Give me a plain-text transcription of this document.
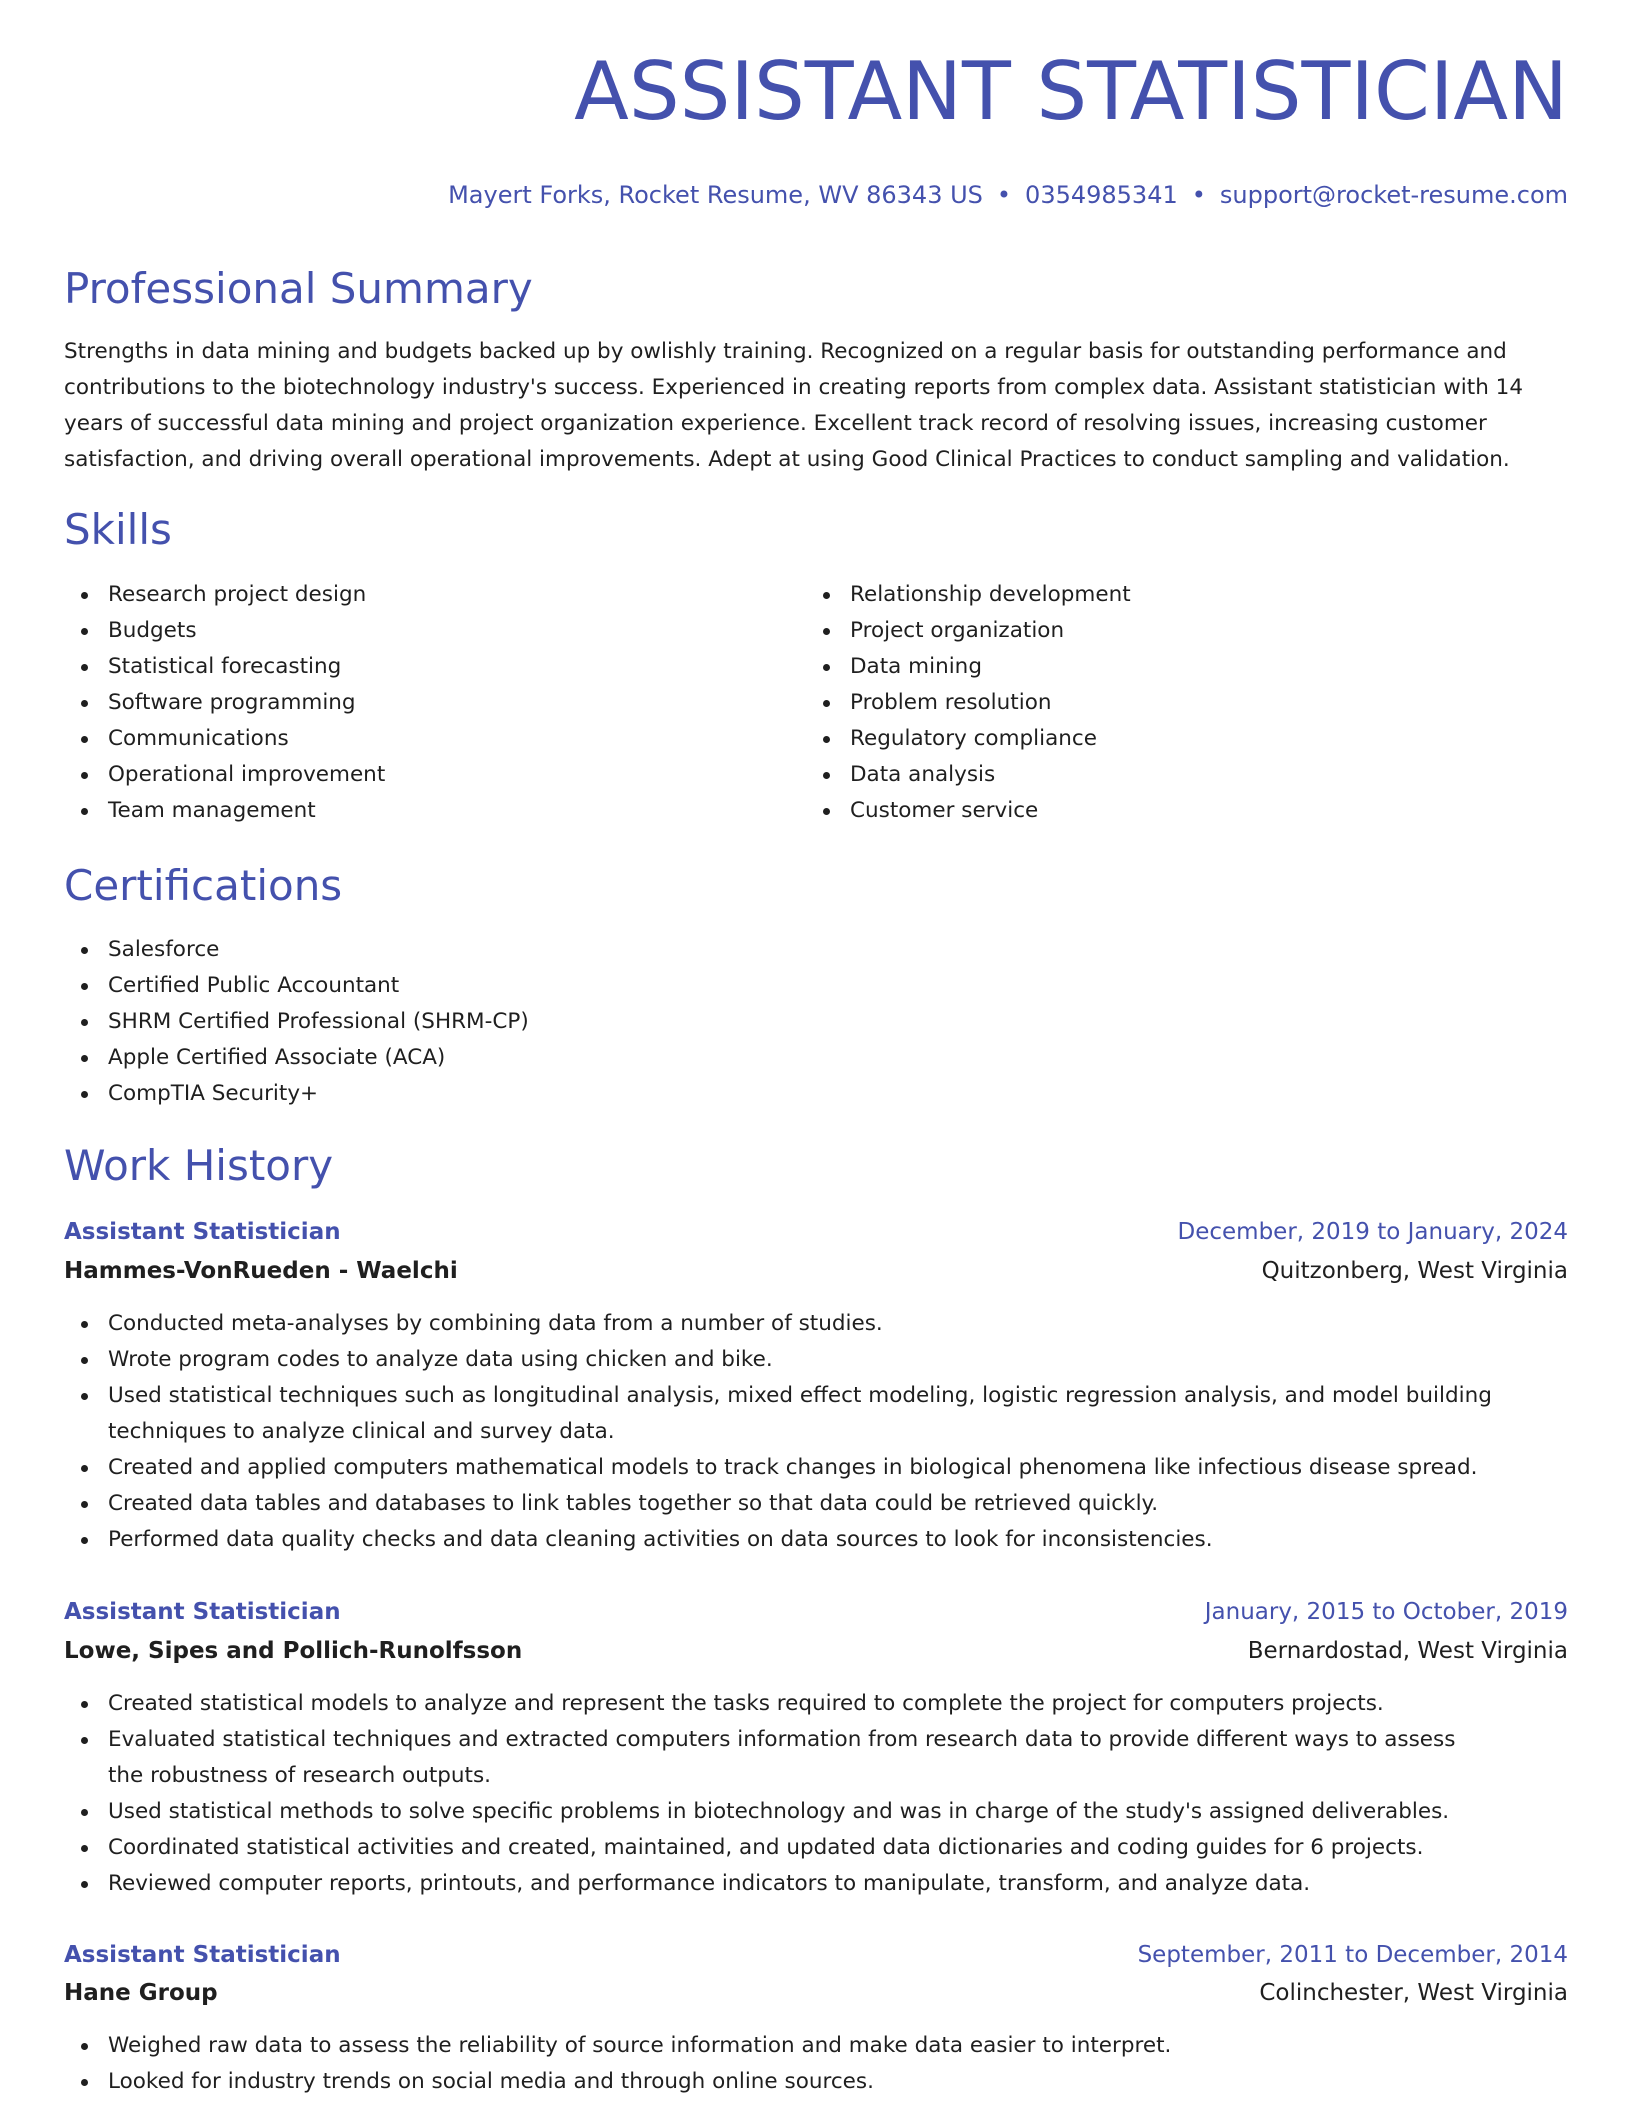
ASSISTANT STATISTICIAN
Mayert Forks, Rocket Resume, WV 86343 US • 0354985341 • support@rocket-resume.com
Professional Summary

Strengths in data mining and budgets backed up by owlishly training. Recognized on a regular basis for outstanding performance and contributions to the biotechnology industry's success. Experienced in creating reports from complex data. Assistant statistician with 14 years of successful data mining and project organization experience. Excellent track record of resolving issues, increasing customer satisfaction, and driving overall operational improvements. Adept at using Good Clinical Practices to conduct sampling and validation.

Skills
Research project design
Budgets
Statistical forecasting
Software programming
Communications
Operational improvement
Team management
Relationship development
Project organization
Data mining
Problem resolution
Regulatory compliance
Data analysis
Customer service
Certifications
Salesforce
Certified Public Accountant
SHRM Certified Professional (SHRM-CP)
Apple Certified Associate (ACA)
CompTIA Security+
Work History
Assistant Statistician	December, 2019 to January, 2024
Hammes-VonRueden - Waelchi	Quitzonberg, West Virginia
Conducted meta-analyses by combining data from a number of studies.
Wrote program codes to analyze data using chicken and bike.
Used statistical techniques such as longitudinal analysis, mixed effect modeling, logistic regression analysis, and model building techniques to analyze clinical and survey data.
Created and applied computers mathematical models to track changes in biological phenomena like infectious disease spread.
Created data tables and databases to link tables together so that data could be retrieved quickly.
Performed data quality checks and data cleaning activities on data sources to look for inconsistencies.
Assistant Statistician	January, 2015 to October, 2019
Lowe, Sipes and Pollich-Runolfsson	Bernardostad, West Virginia
Created statistical models to analyze and represent the tasks required to complete the project for computers projects.
Evaluated statistical techniques and extracted computers information from research data to provide different ways to assess the robustness of research outputs.
Used statistical methods to solve specific problems in biotechnology and was in charge of the study's assigned deliverables.
Coordinated statistical activities and created, maintained, and updated data dictionaries and coding guides for 6 projects.
Reviewed computer reports, printouts, and performance indicators to manipulate, transform, and analyze data.
Assistant Statistician	September, 2011 to December, 2014
Hane Group	Colinchester, West Virginia
Weighed raw data to assess the reliability of source information and make data easier to interpret.
Looked for industry trends on social media and through online sources.
